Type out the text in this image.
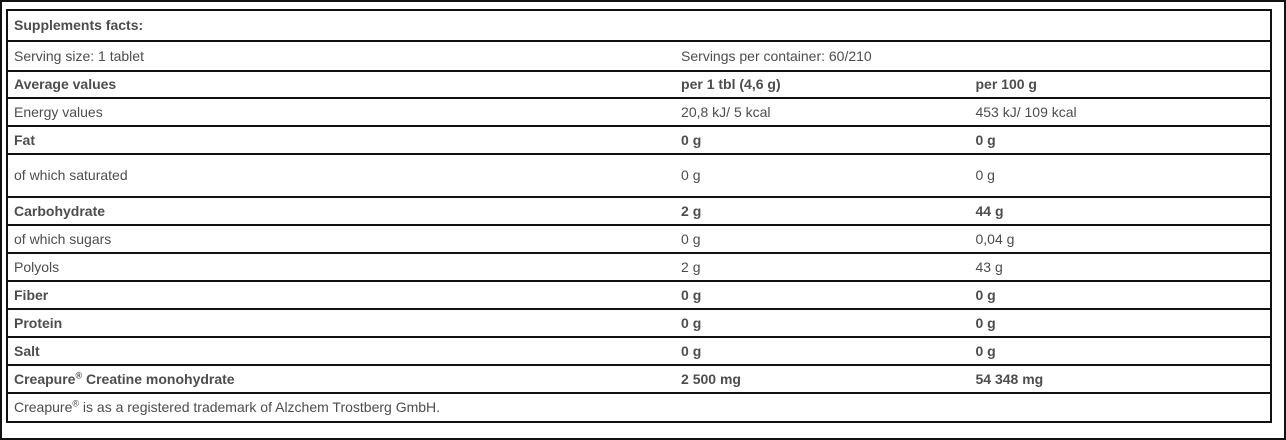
Supplements facts:		
Serving size: 1 tablet	Servings per container: 60/210	
Average values	per 1 tbl (4,6 g)	per 100 g
Energy values	20,8 kJ/ 5 kcal	453 kJ/ 109 kcal
Fat	0 g	0 g
of which saturated	0 g	0 g
Carbohydrate	2 g	44 g
of which sugars	0 g	0,04 g
Polyols	2 g	43 g
Fiber	0 g	0 g
Protein	0 g	0 g
Salt	0 g	0 g
Creapure® Creatine monohydrate	2 500 mg	54 348 mg
Creapure® is as a registered trademark of Alzchem Trostberg GmbH.		
